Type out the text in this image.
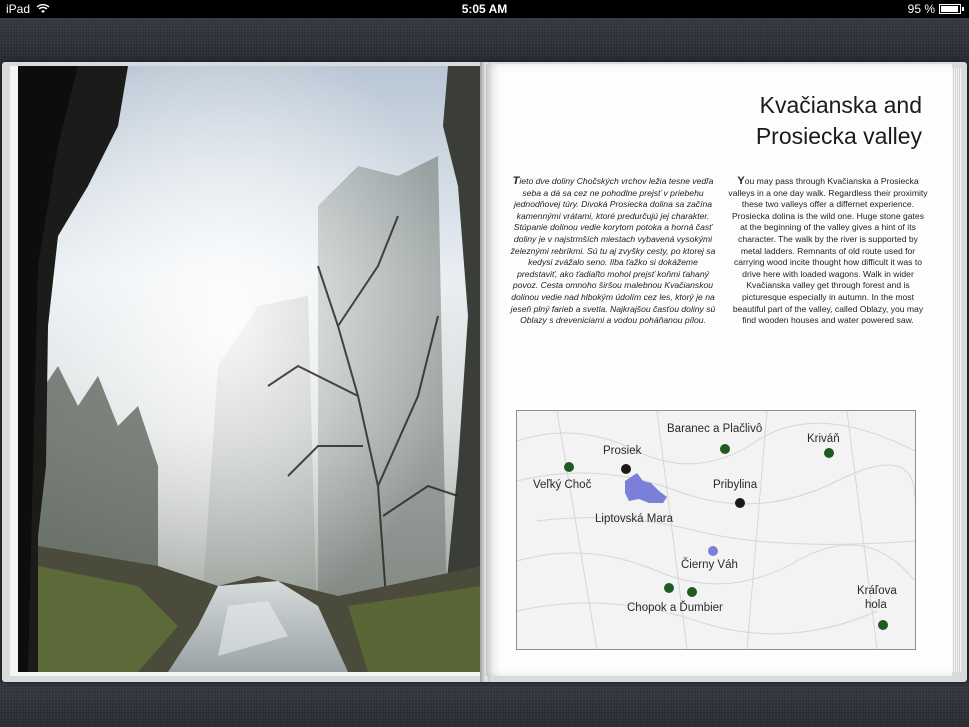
iPad	5:05 AM	95 %
Kvačianska and
Prosiecka valley
Tieto dve doliny Chočských vrchov ležia tesne vedľa seba a dá sa cez ne pohodlne prejsť v priebehu jednodňovej túry. Divoká Prosiecka dolina sa začína kamennými vrátami, ktoré predurčujú jej charakter. Stúpanie dolinou vedie korytom potoka a horná časť doliny je v najstrmších miestach vybavená vysokými železnými rebríkmi. Sú tu aj zvyšky cesty, po ktorej sa kedysi zvážalo seno. Ilba ťažko si dokážeme predstaviť, ako ťadiaľto mohol prejsť koňmi ťahaný povoz. Cesta omnoho širšou malebnou Kvačianskou dolinou vedie nad hlbokým údolím cez les, ktorý je na jeseň plný farieb a svetla. Najkrajšou časťou doliny sú Oblazy s dreveniciami a vodou poháňanou pílou.
You may pass through Kvačianska a Prosiecka valleys in a one day walk. Regardless their proximity these two valleys offer a differnet experience. Prosiecka dolina is the wild one. Huge stone gates at the beginning of the valley gives a hint of its character. The walk by the river is supported by metal ladders. Remnants of old route used for carrying wood incite thought how difficult it was to drive here with loaded wagons. Walk in wider Kvačianska valley get through forest and is picturesque especially in autumn. In the most beautiful part of the valley, called Oblazy, you may find wooden houses and water powered saw.
Baranec a Plačlivô
Kriváň
Prosiek
Veľký Choč	Pribylina
Liptovská Mara
Čierny Váh
Chopok a Ďumbier
Kráľova
hola
